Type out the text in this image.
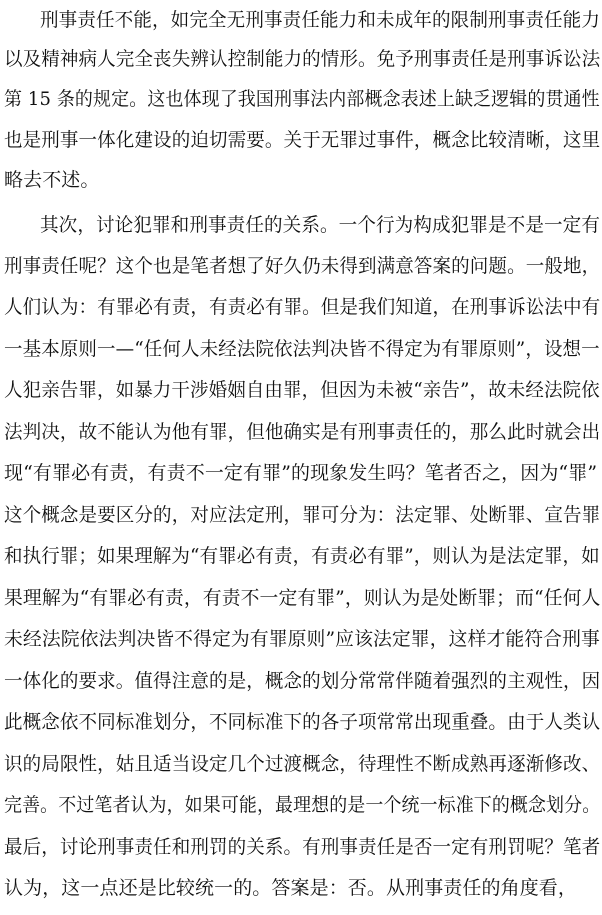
刑事责任不能，如完全无刑事责任能力和未成年的限制刑事责任能力
以及精神病人完全丧失辨认控制能力的情形。免予刑事责任是刑事诉讼法
第 15 条的规定。这也体现了我国刑事法内部概念表述上缺乏逻辑的贯通性
也是刑事一体化建设的迫切需要。关于无罪过事件，概念比较清晰，这里
略去不述。
其次，讨论犯罪和刑事责任的关系。一个行为构成犯罪是不是一定有
刑事责任呢？这个也是笔者想了好久仍未得到满意答案的问题。一般地，
人们认为：有罪必有责，有责必有罪。但是我们知道，在刑事诉讼法中有
一基本原则一—“任何人未经法院依法判决皆不得定为有罪原则”，设想一
人犯亲告罪，如暴力干涉婚姻自由罪，但因为未被“亲告”，故未经法院依
法判决，故不能认为他有罪，但他确实是有刑事责任的，那么此时就会出
现“有罪必有责，有责不一定有罪”的现象发生吗？笔者否之，因为“罪”
这个概念是要区分的，对应法定刑，罪可分为：法定罪、处断罪、宣告罪
和执行罪；如果理解为“有罪必有责，有责必有罪”，则认为是法定罪，如
果理解为“有罪必有责，有责不一定有罪”，则认为是处断罪；而“任何人
未经法院依法判决皆不得定为有罪原则”应该法定罪，这样才能符合刑事
一体化的要求。值得注意的是，概念的划分常常伴随着强烈的主观性，因
此概念依不同标准划分，不同标准下的各子项常常出现重叠。由于人类认
识的局限性，姑且适当设定几个过渡概念，待理性不断成熟再逐渐修改、
完善。不过笔者认为，如果可能，最理想的是一个统一标准下的概念划分。
最后，讨论刑事责任和刑罚的关系。有刑事责任是否一定有刑罚呢？笔者
认为，这一点还是比较统一的。答案是：否。从刑事责任的角度看，
